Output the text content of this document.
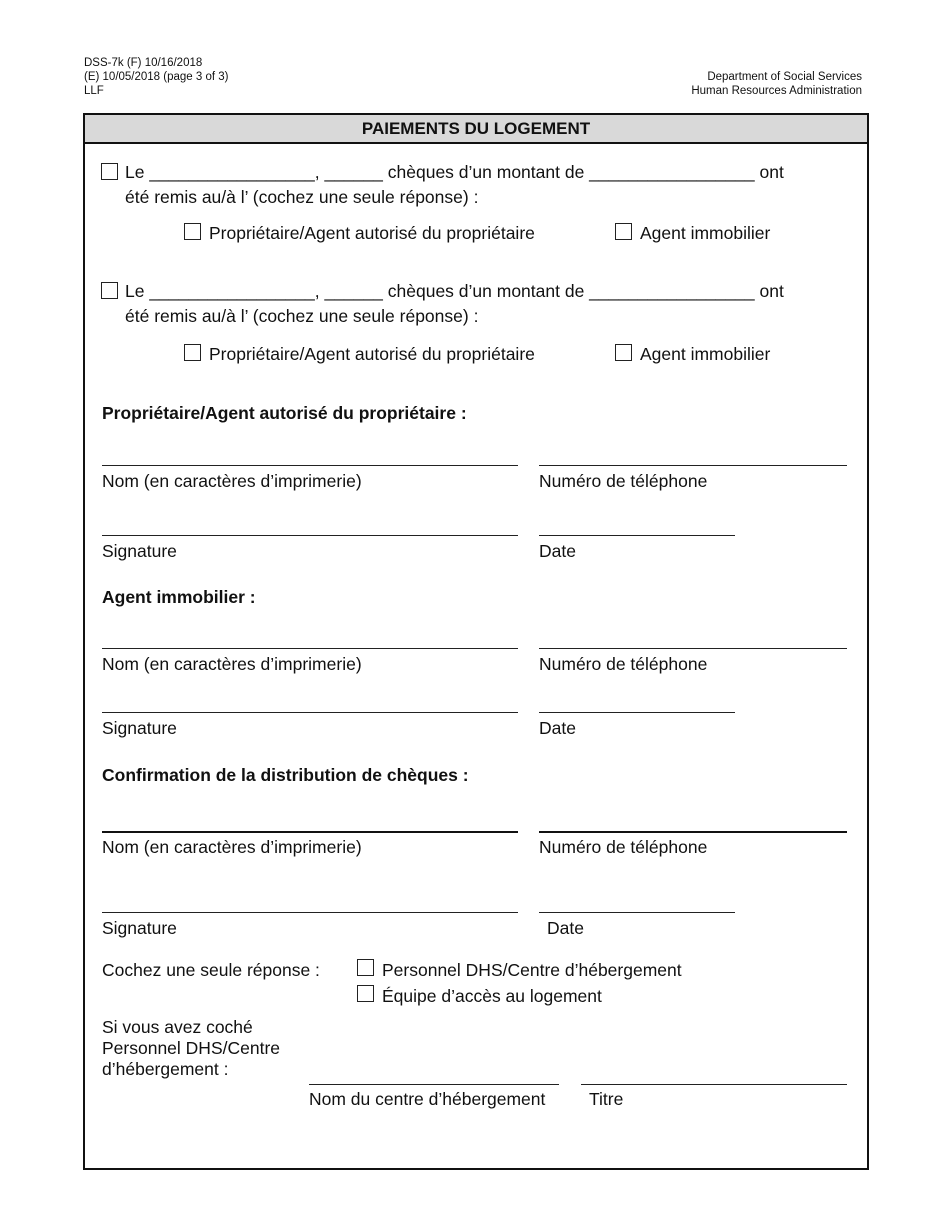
DSS-7k (F) 10/16/2018
(E) 10/05/2018 (page 3 of 3)
LLF
Department of Social Services
Human Resources Administration
PAIEMENTS DU LOGEMENT
Le _________________, ______ chèques d’un montant de _________________ ont
été remis au/à l’ (cochez une seule réponse) :
Propriétaire/Agent autorisé du propriétaire	Agent immobilier
Le _________________, ______ chèques d’un montant de _________________ ont
été remis au/à l’ (cochez une seule réponse) :
Propriétaire/Agent autorisé du propriétaire	Agent immobilier
Propriétaire/Agent autorisé du propriétaire :
Nom (en caractères d’imprimerie)	Numéro de téléphone
Signature	Date
Agent immobilier :
Nom (en caractères d’imprimerie)	Numéro de téléphone
Signature	Date
Confirmation de la distribution de chèques :
Nom (en caractères d’imprimerie)	Numéro de téléphone
Signature	Date
Cochez une seule réponse :	Personnel DHS/Centre d’hébergement
Équipe d’accès au logement
Si vous avez coché
Personnel DHS/Centre
d’hébergement :
Nom du centre d’hébergement Titre
